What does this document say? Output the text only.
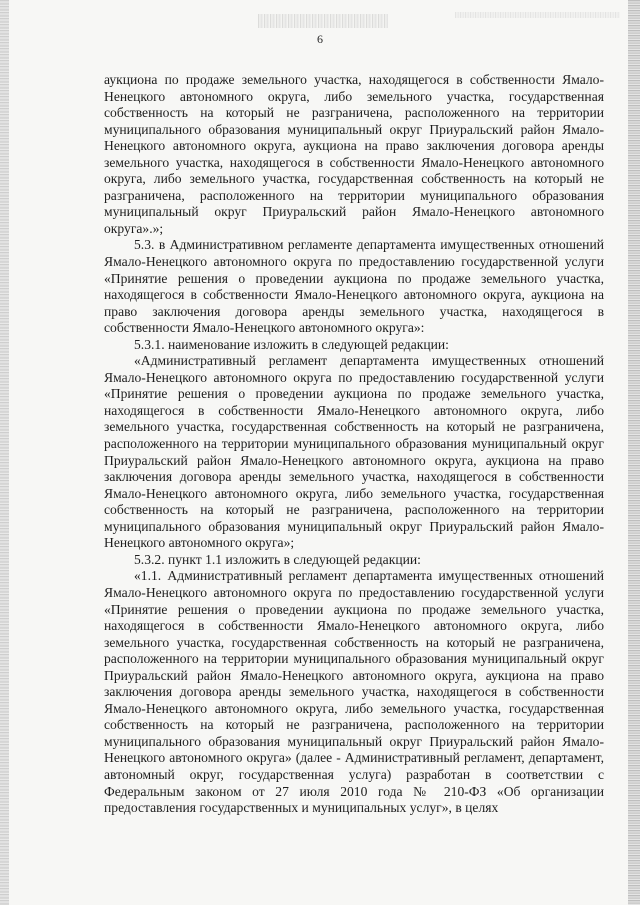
6

аукциона по продаже земельного участка, находящегося в собственности Ямало-Ненецкого автономного округа, либо земельного участка, государственная собственность на который не разграничена, расположенного на территории муниципального образования муниципальный округ Приуральский район Ямало-Ненецкого автономного округа, аукциона на право заключения договора аренды земельного участка, находящегося в собственности Ямало-Ненецкого автономного округа, либо земельного участка, государственная собственность на который не разграничена, расположенного на территории муниципального образования муниципальный округ Приуральский район Ямало-Ненецкого автономного округа».»;

5.3. в Административном регламенте департамента имущественных отношений Ямало-Ненецкого автономного округа по предоставлению государственной услуги «Принятие решения о проведении аукциона по продаже земельного участка, находящегося в собственности Ямало-Ненецкого автономного округа, аукциона на право заключения договора аренды земельного участка, находящегося в собственности Ямало-Ненецкого автономного округа»:

5.3.1. наименование изложить в следующей редакции:

«Административный регламент департамента имущественных отношений Ямало-Ненецкого автономного округа по предоставлению государственной услуги «Принятие решения о проведении аукциона по продаже земельного участка, находящегося в собственности Ямало-Ненецкого автономного округа, либо земельного участка, государственная собственность на который не разграничена, расположенного на территории муниципального образования муниципальный округ Приуральский район Ямало-Ненецкого автономного округа, аукциона на право заключения договора аренды земельного участка, находящегося в собственности Ямало-Ненецкого автономного округа, либо земельного участка, государственная собственность на который не разграничена, расположенного на территории муниципального образования муниципальный округ Приуральский район Ямало-Ненецкого автономного округа»;

5.3.2. пункт 1.1 изложить в следующей редакции:

«1.1. Административный регламент департамента имущественных отношений Ямало-Ненецкого автономного округа по предоставлению государственной услуги «Принятие решения о проведении аукциона по продаже земельного участка, находящегося в собственности Ямало-Ненецкого автономного округа, либо земельного участка, государственная собственность на который не разграничена, расположенного на территории муниципального образования муниципальный округ Приуральский район Ямало-Ненецкого автономного округа, аукциона на право заключения договора аренды земельного участка, находящегося в собственности Ямало-Ненецкого автономного округа, либо земельного участка, государственная собственность на который не разграничена, расположенного на территории муниципального образования муниципальный округ Приуральский район Ямало-Ненецкого автономного округа» (далее - Административный регламент, департамент, автономный округ, государственная услуга) разработан в соответствии с Федеральным законом от 27 июля 2010 года № 210-ФЗ «Об организации предоставления государственных и муниципальных услуг», в целях
